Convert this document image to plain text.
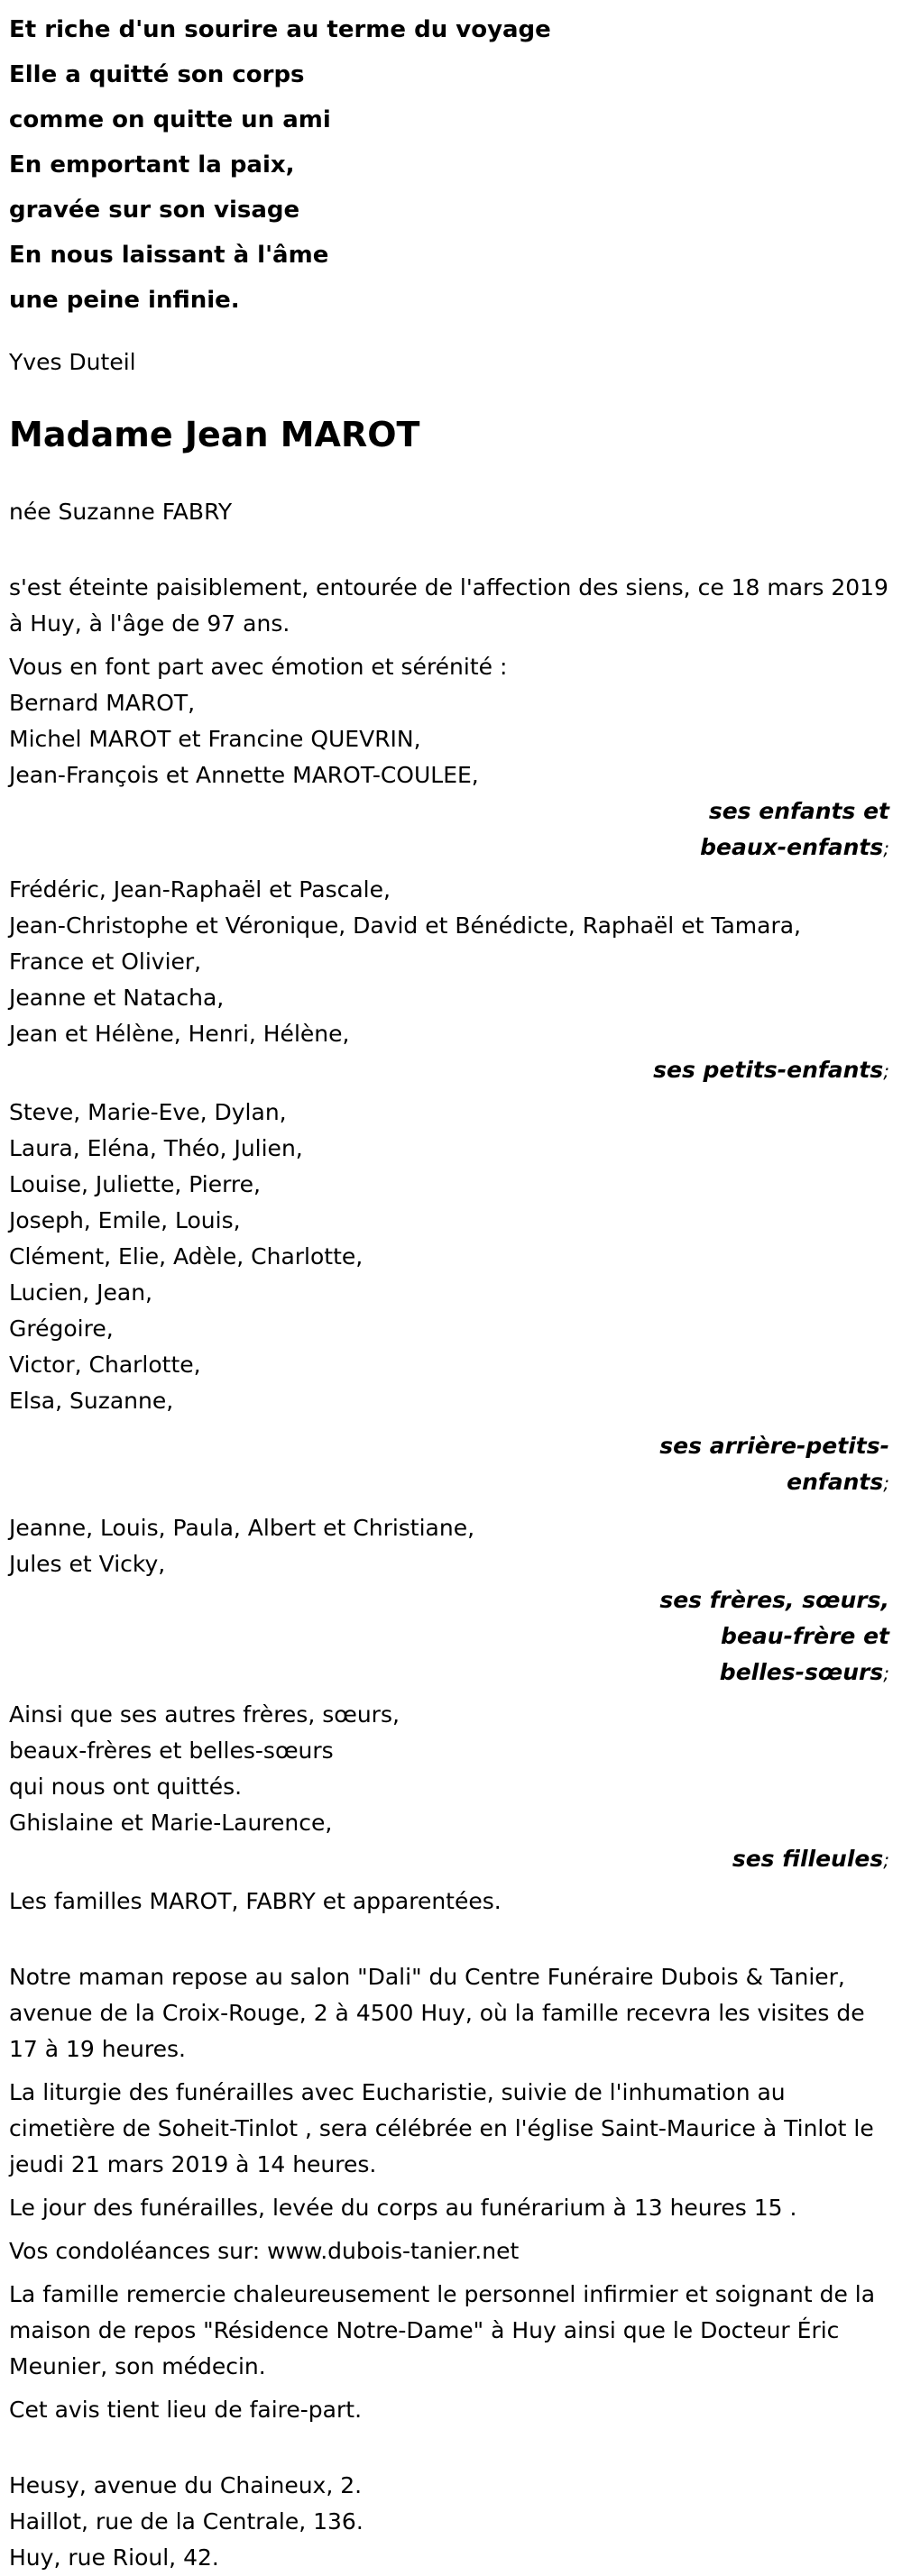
Et riche d'un sourire au terme du voyage
Elle a quitté son corps
comme on quitte un ami
En emportant la paix,
gravée sur son visage
En nous laissant à l'âme
une peine infinie.
Yves Duteil
Madame Jean MAROT
née Suzanne FABRY
s'est éteinte paisiblement, entourée de l'affection des siens, ce 18 mars 2019 à Huy, à l'âge de 97 ans.
Vous en font part avec émotion et sérénité :
Bernard MAROT,
Michel MAROT et Francine QUEVRIN,
Jean-François et Annette MAROT-COULEE,
ses enfants et
beaux-enfants;
Frédéric, Jean-Raphaël et Pascale,
Jean-Christophe et Véronique, David et Bénédicte, Raphaël et Tamara,
France et Olivier,
Jeanne et Natacha,
Jean et Hélène, Henri, Hélène,
ses petits-enfants;
Steve, Marie-Eve, Dylan,
Laura, Eléna, Théo, Julien,
Louise, Juliette, Pierre,
Joseph, Emile, Louis,
Clément, Elie, Adèle, Charlotte,
Lucien, Jean,
Grégoire,
Victor, Charlotte,
Elsa, Suzanne,
ses arrière-petits-
enfants;
Jeanne, Louis, Paula, Albert et Christiane,
Jules et Vicky,
ses frères, sœurs,
beau-frère et
belles-sœurs;
Ainsi que ses autres frères, sœurs,
beaux-frères et belles-sœurs
qui nous ont quittés.
Ghislaine et Marie-Laurence,
ses filleules;
Les familles MAROT, FABRY et apparentées.
Notre maman repose au salon "Dali" du Centre Funéraire Dubois & Tanier, avenue de la Croix-Rouge, 2 à 4500 Huy, où la famille recevra les visites de 17 à 19 heures.
La liturgie des funérailles avec Eucharistie, suivie de l'inhumation au cimetière de Soheit-Tinlot , sera célébrée en l'église Saint-Maurice à Tinlot le jeudi 21 mars 2019 à 14 heures.
Le jour des funérailles, levée du corps au funérarium à 13 heures 15 .
Vos condoléances sur: www.dubois-tanier.net
La famille remercie chaleureusement le personnel infirmier et soignant de la maison de repos "Résidence Notre-Dame" à Huy ainsi que le Docteur Éric Meunier, son médecin.
Cet avis tient lieu de faire-part.
Heusy, avenue du Chaineux, 2.
Haillot, rue de la Centrale, 136.
Huy, rue Rioul, 42.
